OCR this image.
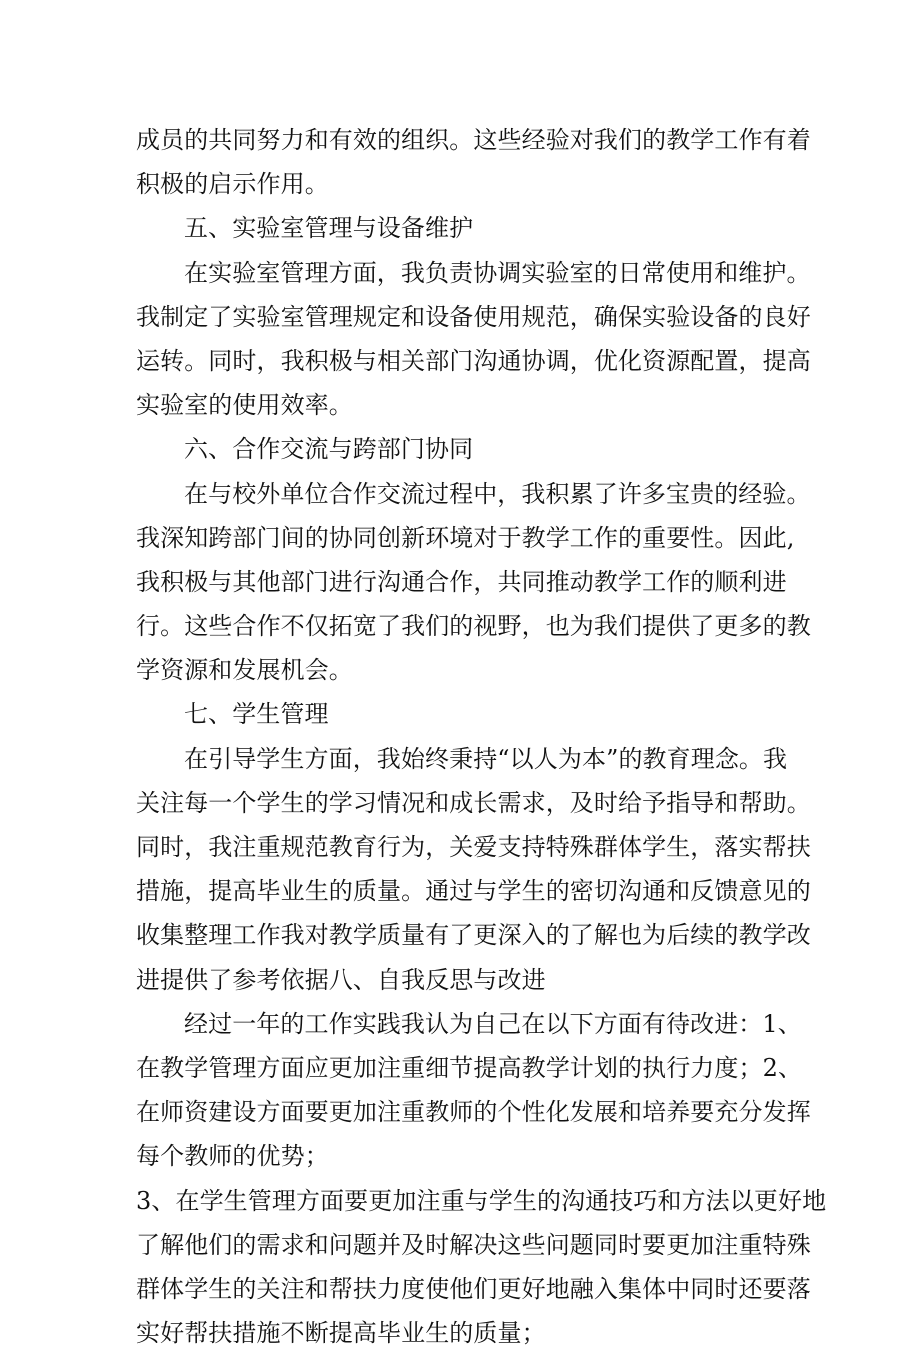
成员的共同努力和有效的组织。这些经验对我们的教学工作有着
积极的启示作用。
五、实验室管理与设备维护
在实验室管理方面，我负责协调实验室的日常使用和维护。
我制定了实验室管理规定和设备使用规范，确保实验设备的良好
运转。同时，我积极与相关部门沟通协调，优化资源配置，提高
实验室的使用效率。
六、合作交流与跨部门协同
在与校外单位合作交流过程中，我积累了许多宝贵的经验。
我深知跨部门间的协同创新环境对于教学工作的重要性。因此,
我积极与其他部门进行沟通合作，共同推动教学工作的顺利进
行。这些合作不仅拓宽了我们的视野，也为我们提供了更多的教
学资源和发展机会。
七、学生管理
在引导学生方面，我始终秉持“以人为本”的教育理念。我
关注每一个学生的学习情况和成长需求，及时给予指导和帮助。
同时，我注重规范教育行为，关爱支持特殊群体学生，落实帮扶
措施，提高毕业生的质量。通过与学生的密切沟通和反馈意见的
收集整理工作我对教学质量有了更深入的了解也为后续的教学改
进提供了参考依据八、自我反思与改进
经过一年的工作实践我认为自己在以下方面有待改进：1、
在教学管理方面应更加注重细节提高教学计划的执行力度；2、
在师资建设方面要更加注重教师的个性化发展和培养要充分发挥
每个教师的优势；
3、在学生管理方面要更加注重与学生的沟通技巧和方法以更好地
了解他们的需求和问题并及时解决这些问题同时要更加注重特殊
群体学生的关注和帮扶力度使他们更好地融入集体中同时还要落
实好帮扶措施不断提高毕业生的质量；
